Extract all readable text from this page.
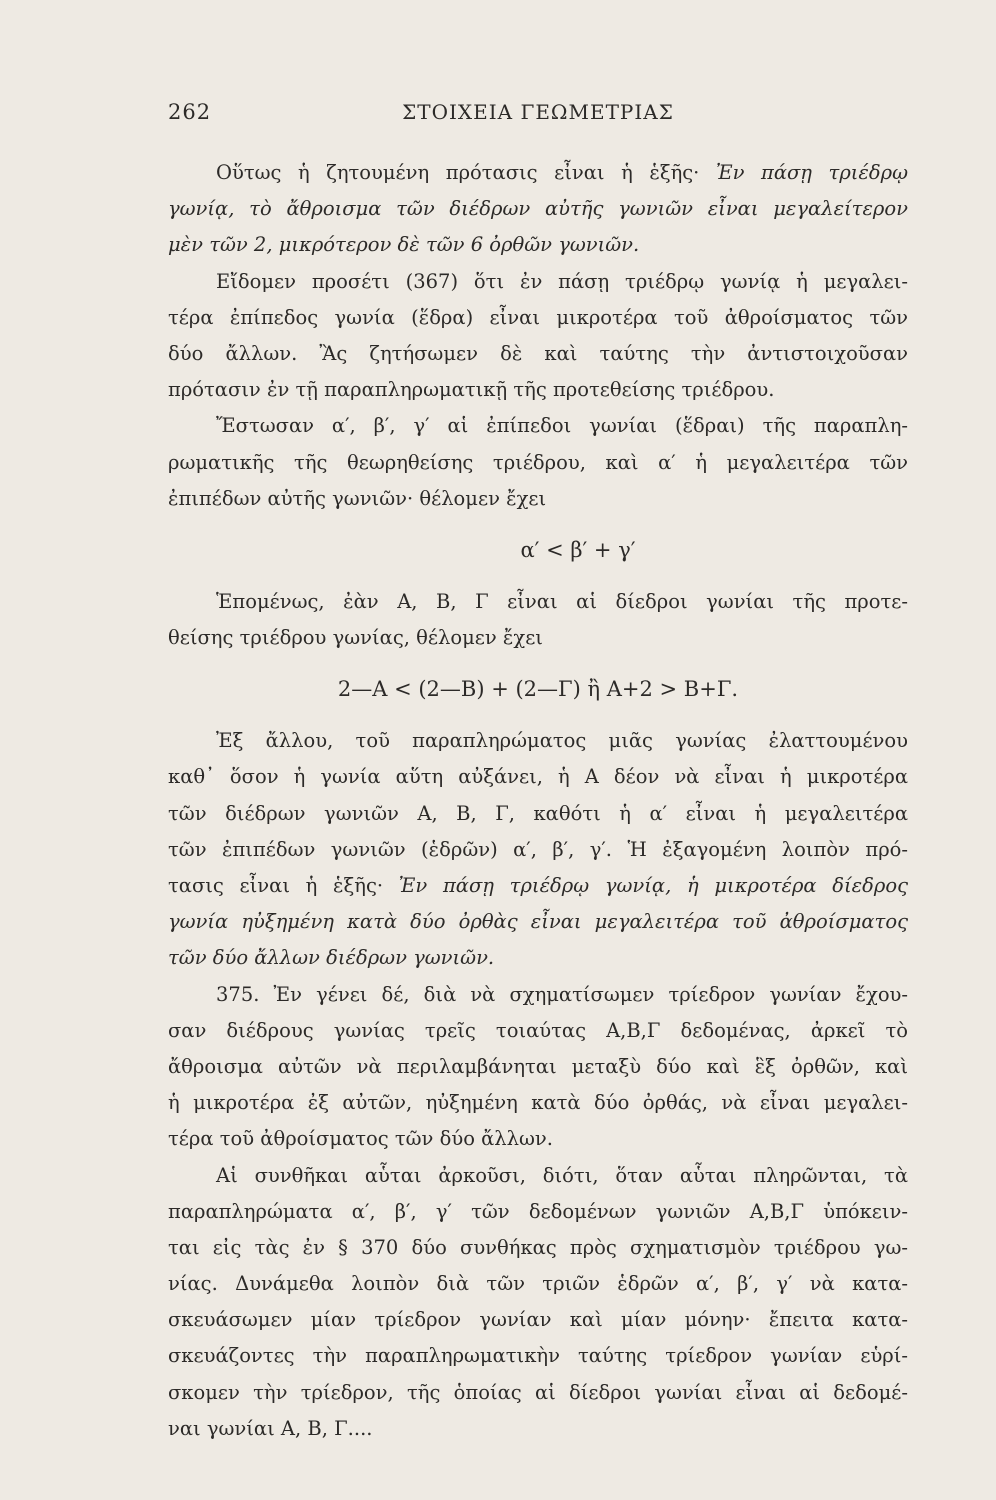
262	ΣΤΟΙΧΕΙΑ ΓΕΩΜΕΤΡΙΑΣ
Οὕτως ἡ ζητουμένη πρότασις εἶναι ἡ ἑξῆς· Ἐν πάσῃ τριέδρῳ
γωνίᾳ, τὸ ἄθροισμα τῶν διέδρων αὐτῆς γωνιῶν εἶναι μεγαλείτερον
μὲν τῶν 2, μικρότερον δὲ τῶν 6 ὀρθῶν γωνιῶν.
Εἴδομεν προσέτι (367) ὅτι ἐν πάσῃ τριέδρῳ γωνίᾳ ἡ μεγαλει-
τέρα ἐπίπεδος γωνία (ἕδρα) εἶναι μικροτέρα τοῦ ἀθροίσματος τῶν
δύο ἄλλων. Ἂς ζητήσωμεν δὲ καὶ ταύτης τὴν ἀντιστοιχοῦσαν
πρότασιν ἐν τῇ παραπληρωματικῇ τῆς προτεθείσης τριέδρου.
Ἔστωσαν α′, β′, γ′ αἱ ἐπίπεδοι γωνίαι (ἕδραι) τῆς παραπλη-
ρωματικῆς τῆς θεωρηθείσης τριέδρου, καὶ α′ ἡ μεγαλειτέρα τῶν
ἐπιπέδων αὐτῆς γωνιῶν· θέλομεν ἔχει
α′ < β′ + γ′
Ἑπομένως, ἐὰν Α, Β, Γ εἶναι αἱ δίεδροι γωνίαι τῆς προτε-
θείσης τριέδρου γωνίας, θέλομεν ἔχει
2—Α < (2—Β) + (2—Γ) ἢ Α+2 > Β+Γ.
Ἐξ ἄλλου, τοῦ παραπληρώματος μιᾶς γωνίας ἐλαττουμένου
καθ᾽ ὅσον ἡ γωνία αὕτη αὐξάνει, ἡ Α δέον νὰ εἶναι ἡ μικροτέρα
τῶν διέδρων γωνιῶν Α, Β, Γ, καθότι ἡ α′ εἶναι ἡ μεγαλειτέρα
τῶν ἐπιπέδων γωνιῶν (ἑδρῶν) α′, β′, γ′. Ἡ ἐξαγομένη λοιπὸν πρό-
τασις εἶναι ἡ ἑξῆς· Ἐν πάσῃ τριέδρῳ γωνίᾳ, ἡ μικροτέρα δίεδρος
γωνία ηὐξημένη κατὰ δύο ὀρθὰς εἶναι μεγαλειτέρα τοῦ ἀθροίσματος
τῶν δύο ἄλλων διέδρων γωνιῶν.
375. Ἐν γένει δέ, διὰ νὰ σχηματίσωμεν τρίεδρον γωνίαν ἔχου-
σαν διέδρους γωνίας τρεῖς τοιαύτας Α,Β,Γ δεδομένας, ἀρκεῖ τὸ
ἄθροισμα αὐτῶν νὰ περιλαμβάνηται μεταξὺ δύο καὶ ἓξ ὀρθῶν, καὶ
ἡ μικροτέρα ἐξ αὐτῶν, ηὐξημένη κατὰ δύο ὀρθάς, νὰ εἶναι μεγαλει-
τέρα τοῦ ἀθροίσματος τῶν δύο ἄλλων.
Αἱ συνθῆκαι αὗται ἀρκοῦσι, διότι, ὅταν αὗται πληρῶνται, τὰ
παραπληρώματα α′, β′, γ′ τῶν δεδομένων γωνιῶν Α,Β,Γ ὑπόκειν-
ται εἰς τὰς ἐν § 370 δύο συνθήκας πρὸς σχηματισμὸν τριέδρου γω-
νίας. Δυνάμεθα λοιπὸν διὰ τῶν τριῶν ἑδρῶν α′, β′, γ′ νὰ κατα-
σκευάσωμεν μίαν τρίεδρον γωνίαν καὶ μίαν μόνην· ἔπειτα κατα-
σκευάζοντες τὴν παραπληρωματικὴν ταύτης τρίεδρον γωνίαν εὑρί-
σκομεν τὴν τρίεδρον, τῆς ὁποίας αἱ δίεδροι γωνίαι εἶναι αἱ δεδομέ-
ναι γωνίαι Α, Β, Γ....
